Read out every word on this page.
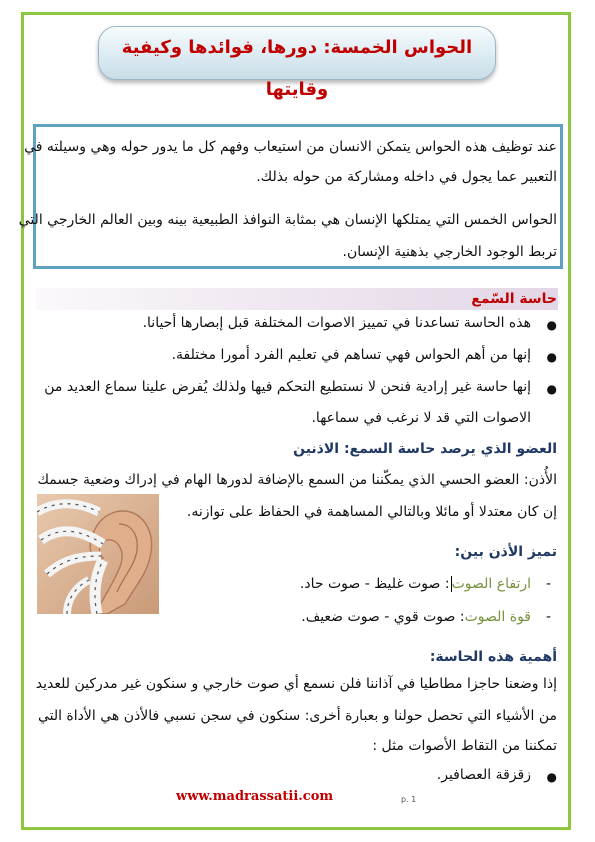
الحواس الخمسة: دورها، فوائدها وكيفية وقايتها
عند توظيف هذه الحواس يتمكن الانسان من استيعاب وفهم كل ما يدور حوله وهي وسيلته في
التعبير عما يجول في داخله ومشاركة من حوله بذلك.
الحواس الخمس التي يمتلكها الإنسان هي بمثابة النوافذ الطبيعية بينه وبين العالم الخارجي التي
تربط الوجود الخارجي بذهنية الإنسان.
حاسة السّمع
●
هذه الحاسة تساعدنا في تمييز الاصوات المختلفة قبل إبصارها أحيانا.
●
إنها من أهم الحواس فهي تساهم في تعليم الفرد أمورا مختلفة.
●
إنها حاسة غير إرادية فنحن لا نستطيع التحكم فيها ولذلك يُفرض علينا سماع العديد من
الاصوات التي قد لا نرغب في سماعها.
العضو الذي يرصد حاسة السمع: الاذنين
الأُذن: العضو الحسي الذي يمكّننا من السمع بالإضافة لدورها الهام في إدراك وضعية جسمك
إن كان معتدلا أو مائلا وبالتالي المساهمة في الحفاظ على توازنه.
تميز الأذن بين:
-
ارتفاع الصوت: صوت غليظ - صوت حاد.
-
قوة الصوت: صوت قوي - صوت ضعيف.
أهمية هذه الحاسة:
إذا وضعنا حاجزا مطاطيا في آذاننا فلن نسمع أي صوت خارجي و سنكون غير مدركين للعديد
من الأشياء التي تحصل حولنا و بعبارة أخرى: سنكون في سجن نسبي فالأذن هي الأداة التي
تمكننا من التقاط الأصوات مثل :
●
زقزقة العصافير.
www.madrassatii.com	p. 1
